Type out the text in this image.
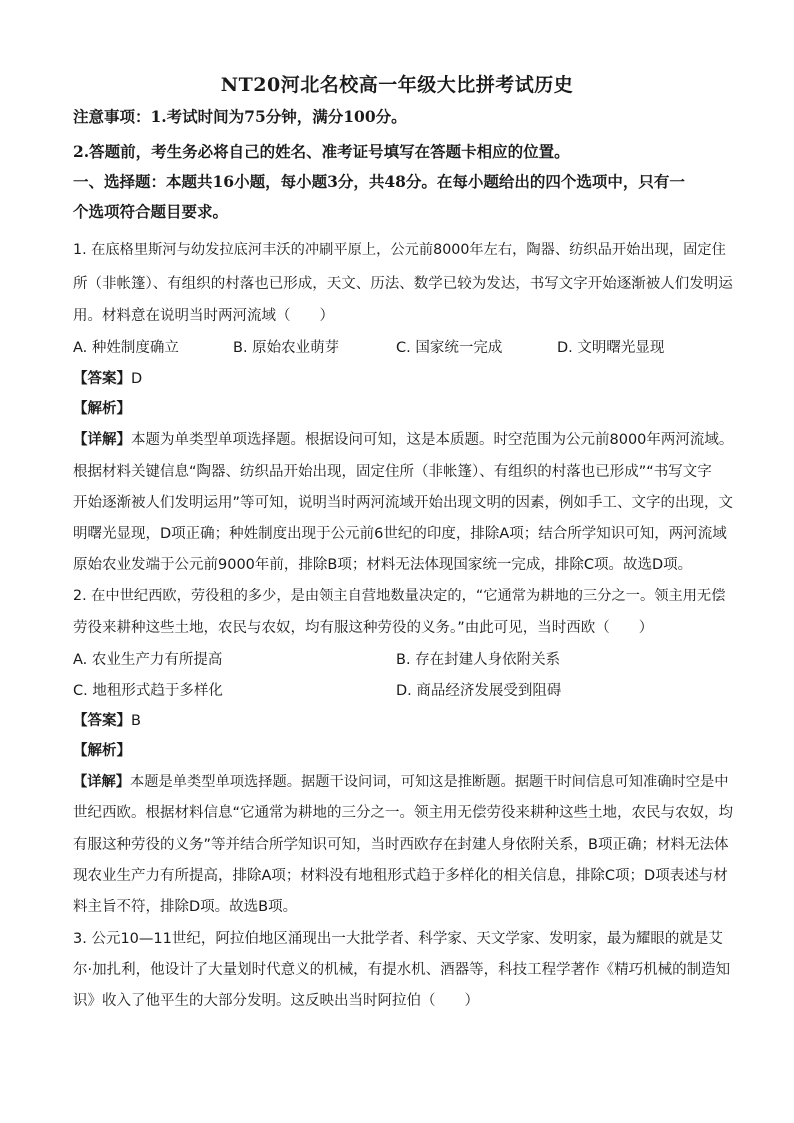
NT20河北名校高一年级大比拼考试历史
注意事项：1.考试时间为75分钟，满分100分。
2.答题前，考生务必将自己的姓名、准考证号填写在答题卡相应的位置。
一、选择题：本题共16小题，每小题3分，共48分。在每小题给出的四个选项中，只有一
个选项符合题目要求。
1. 在底格里斯河与幼发拉底河丰沃的冲刷平原上，公元前8000年左右，陶器、纺织品开始出现，固定住
所（非帐篷）、有组织的村落也已形成，天文、历法、数学已较为发达，书写文字开始逐渐被人们发明运
用。材料意在说明当时两河流域（　　）
A. 种姓制度确立	B. 原始农业萌芽	C. 国家统一完成	D. 文明曙光显现
【答案】D
【解析】
【详解】本题为单类型单项选择题。根据设问可知，这是本质题。时空范围为公元前8000年两河流域。
根据材料关键信息“陶器、纺织品开始出现，固定住所（非帐篷）、有组织的村落也已形成”“书写文字
开始逐渐被人们发明运用”等可知，说明当时两河流域开始出现文明的因素，例如手工、文字的出现，文
明曙光显现，D项正确；种姓制度出现于公元前6世纪的印度，排除A项；结合所学知识可知，两河流域
原始农业发端于公元前9000年前，排除B项；材料无法体现国家统一完成，排除C项。故选D项。
2. 在中世纪西欧，劳役租的多少，是由领主自营地数量决定的，“它通常为耕地的三分之一。领主用无偿
劳役来耕种这些土地，农民与农奴，均有服这种劳役的义务。”由此可见，当时西欧（　　）
A. 农业生产力有所提高	B. 存在封建人身依附关系
C. 地租形式趋于多样化	D. 商品经济发展受到阻碍
【答案】B
【解析】
【详解】本题是单类型单项选择题。据题干设问词，可知这是推断题。据题干时间信息可知准确时空是中
世纪西欧。根据材料信息“它通常为耕地的三分之一。领主用无偿劳役来耕种这些土地，农民与农奴，均
有服这种劳役的义务”等并结合所学知识可知，当时西欧存在封建人身依附关系，B项正确；材料无法体
现农业生产力有所提高，排除A项；材料没有地租形式趋于多样化的相关信息，排除C项；D项表述与材
料主旨不符，排除D项。故选B项。
3. 公元10—11世纪，阿拉伯地区涌现出一大批学者、科学家、天文学家、发明家，最为耀眼的就是艾
尔·加扎利，他设计了大量划时代意义的机械，有提水机、酒器等，科技工程学著作《精巧机械的制造知
识》收入了他平生的大部分发明。这反映出当时阿拉伯（　　）
